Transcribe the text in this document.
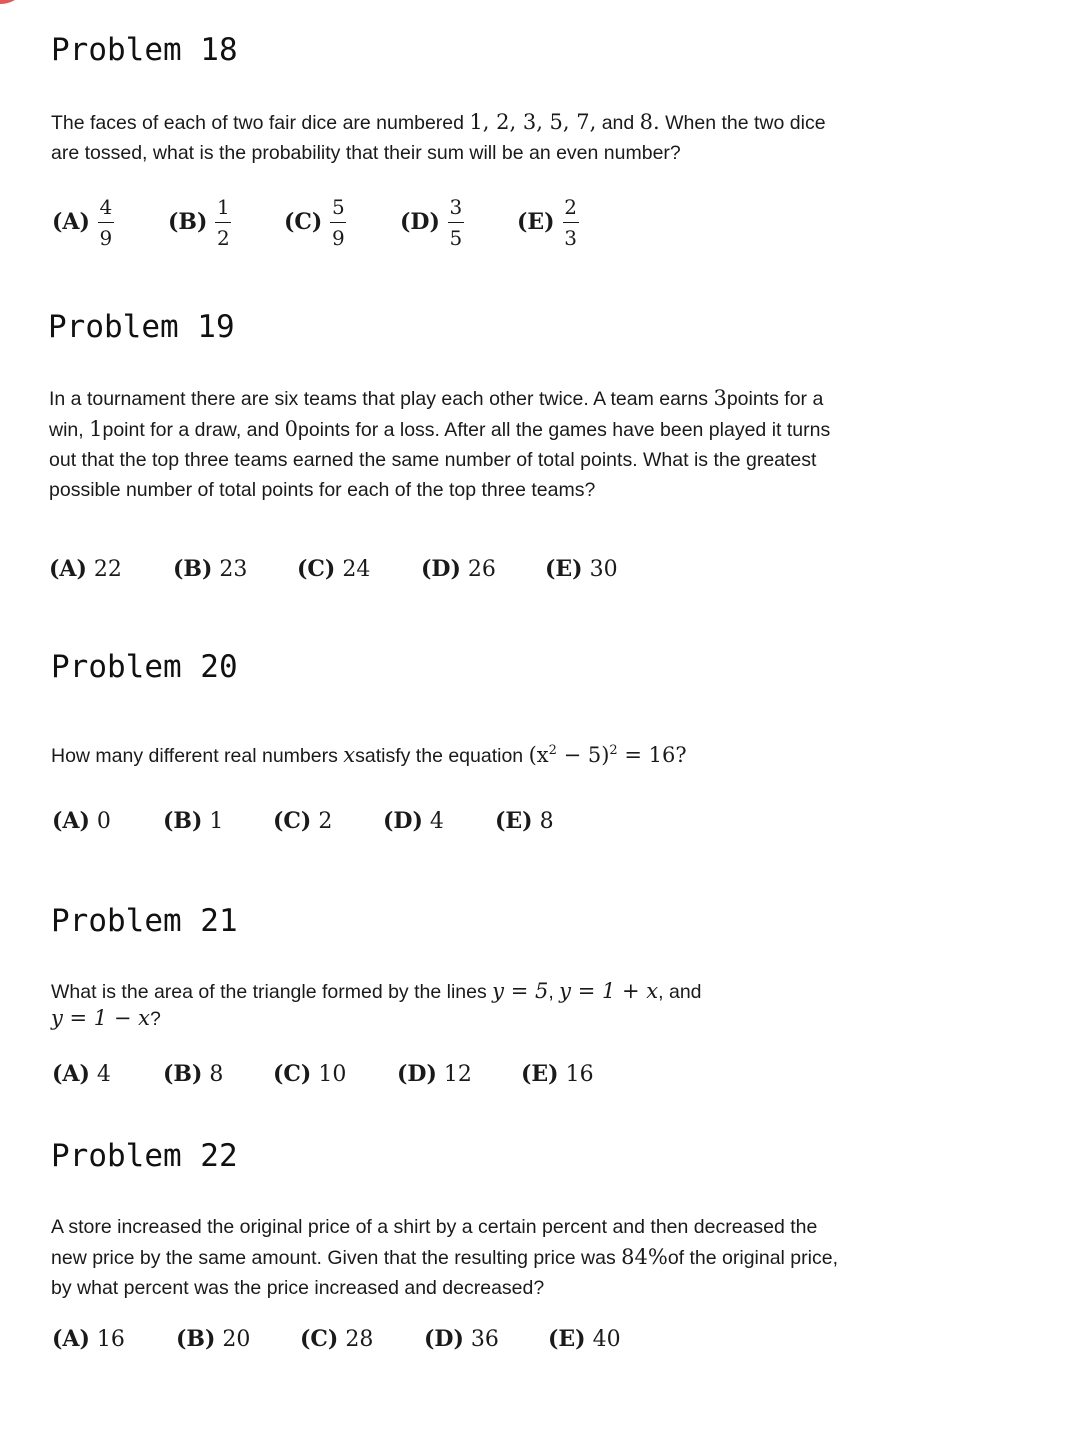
Problem 18
The faces of each of two fair dice are numbered 1, 2, 3, 5, 7, and 8. When the two dice are tossed, what is the probability that their sum will be an even number?
$(A) \frac{4}{9} (B) \frac{1}{2} (C) \frac{5}{9} (D) \frac{3}{5} (E) \frac{2}{3}$
Problem 19
In a tournament there are six teams that play each other twice. A team earns 3points for a win, 1point for a draw, and 0points for a loss. After all the games have been played it turns out that the top three teams earned the same number of total points. What is the greatest possible number of total points for each of the top three teams?
(A) 22	(B) 23	(C) 24	(D) 26	(E) 30
Problem 20
How many different real numbers xsatisfy the equation $(x^2 - 5)^2 = 16$?
(A) 0	(B) 1	(C) 2	(D) 4	(E) 8
Problem 21
What is the area of the triangle formed by the lines y = 5, y = 1 + x, and
y = 1 − x?
(A) 4	(B) 8	(C) 10	(D) 12	(E) 16
Problem 22
A store increased the original price of a shirt by a certain percent and then decreased the new price by the same amount. Given that the resulting price was 84%of the original price, by what percent was the price increased and decreased?
(A) 16	(B) 20	(C) 28	(D) 36	(E) 40
